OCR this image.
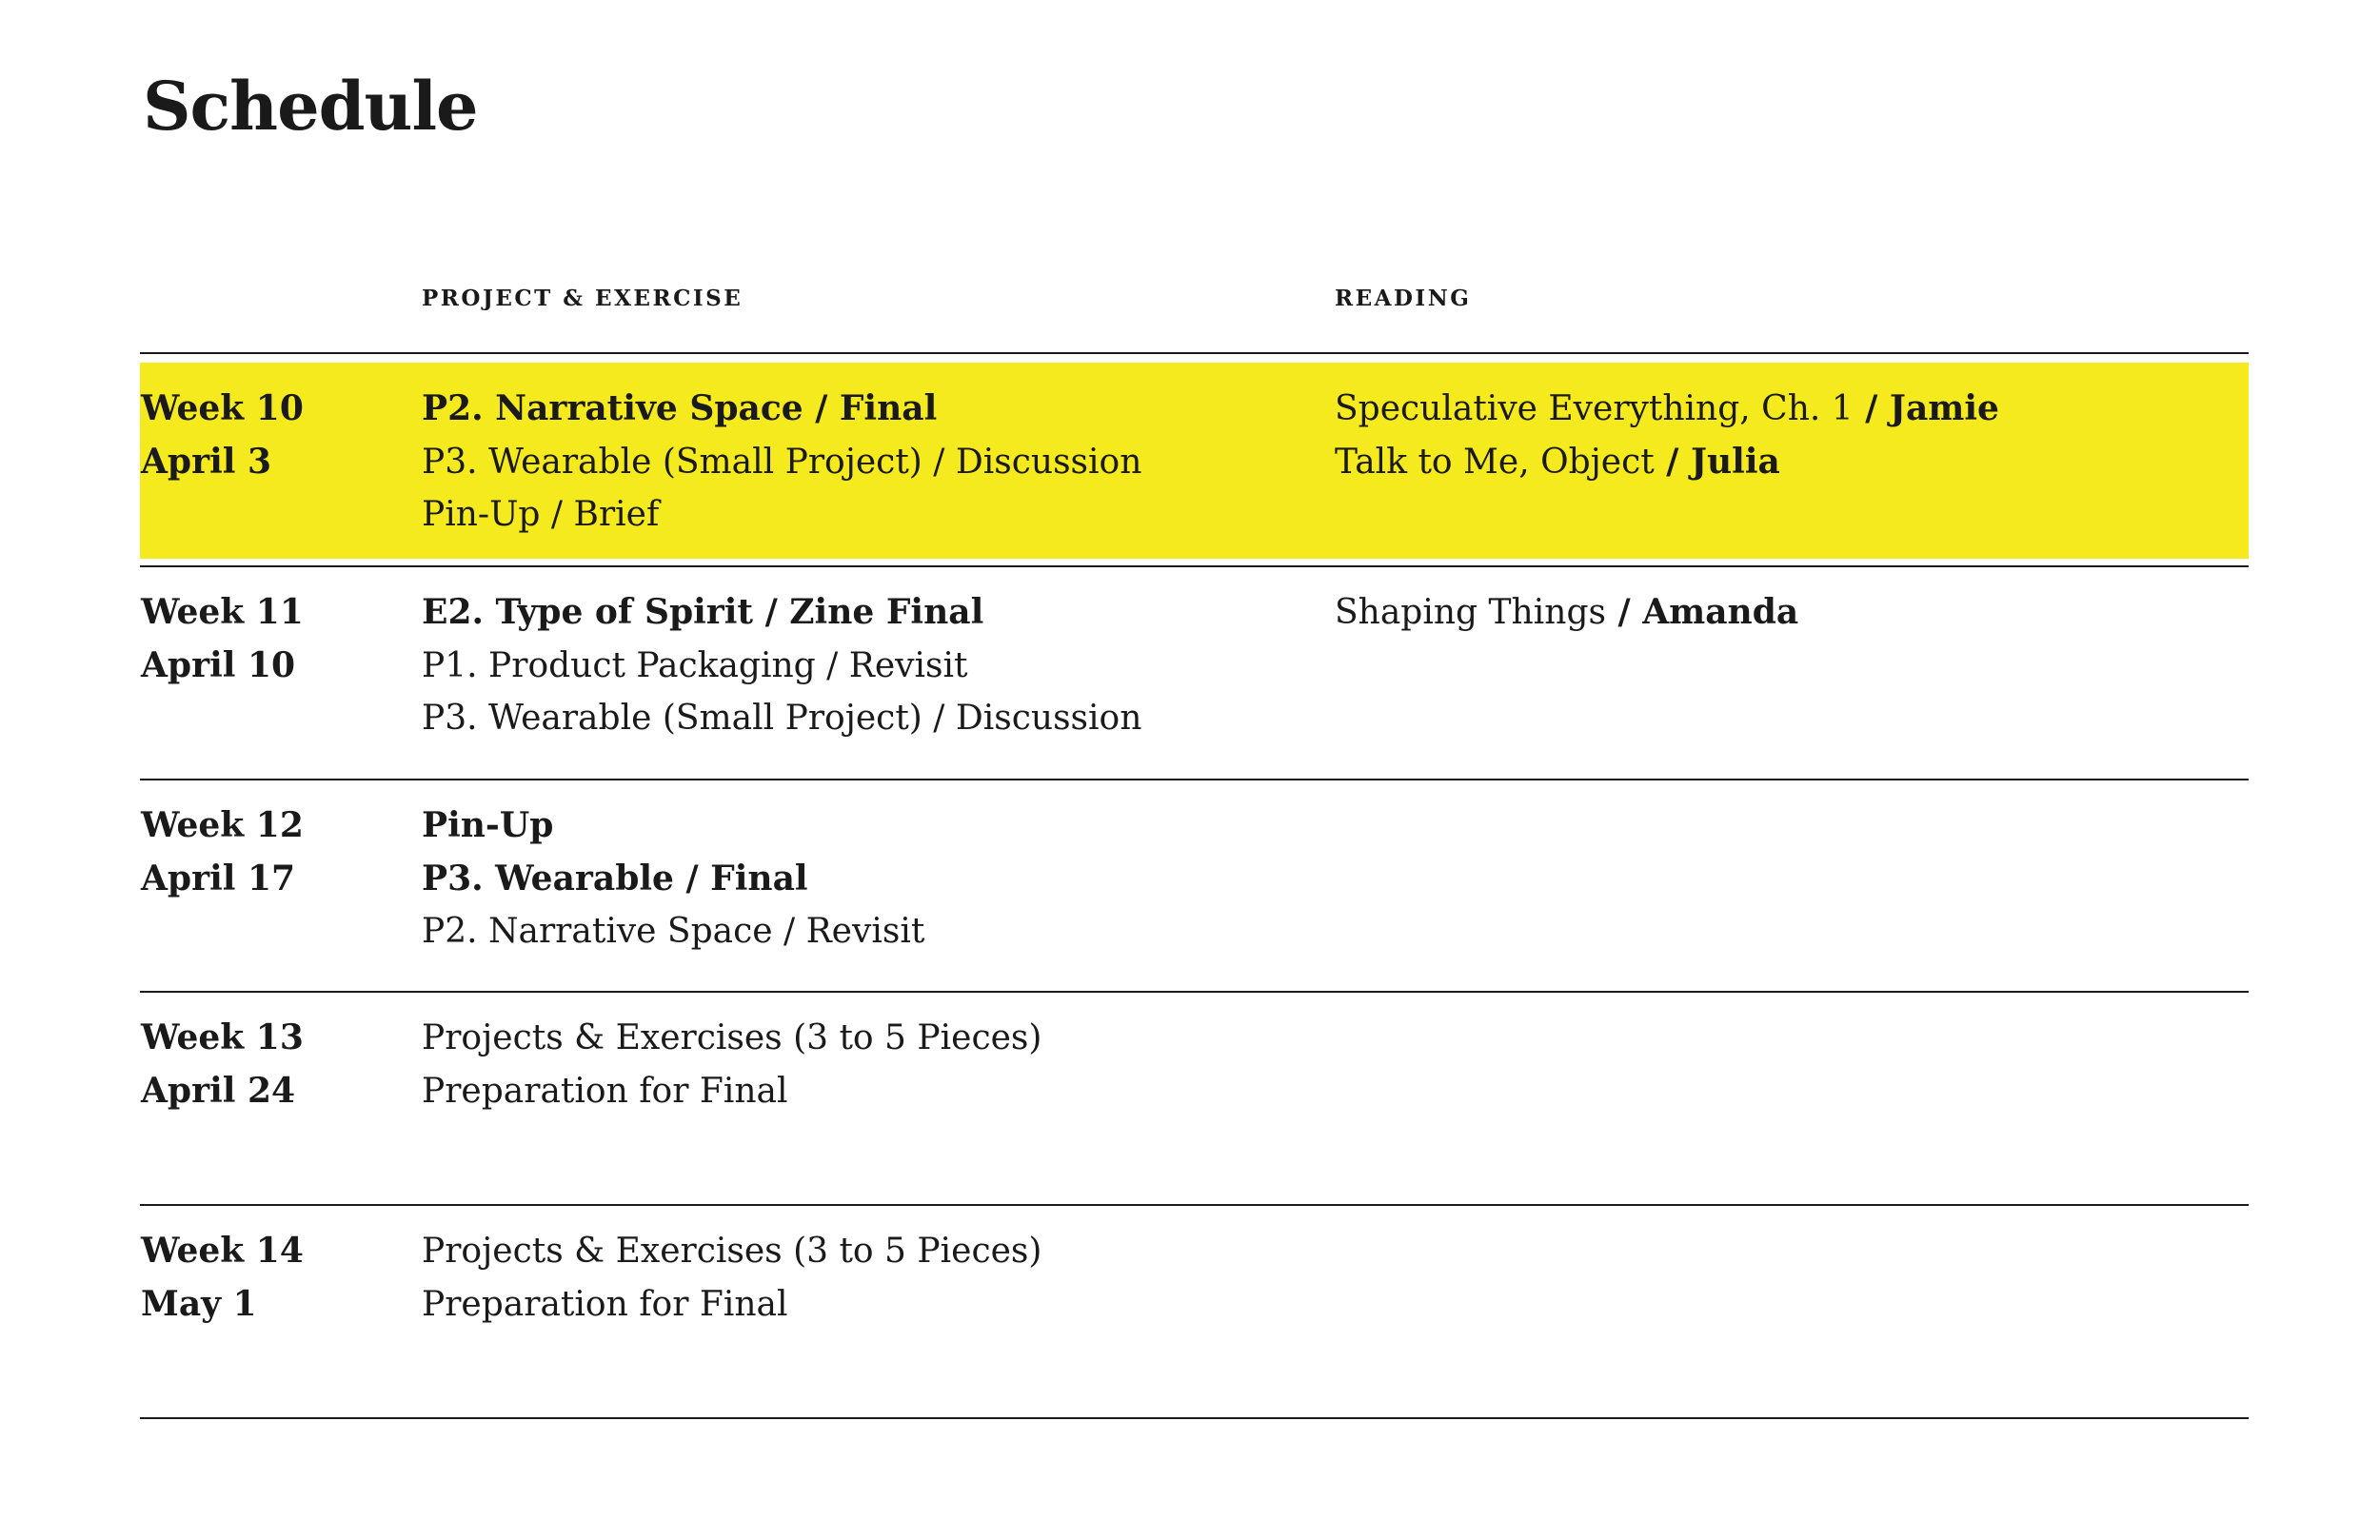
Schedule
PROJECT & EXERCISE	READING
Week 10
April 3
P2. Narrative Space / Final
P3. Wearable (Small Project) / Discussion
Pin-Up / Brief
Speculative Everything, Ch. 1 / Jamie
Talk to Me, Object / Julia
Week 11
April 10
E2. Type of Spirit / Zine Final
P1. Product Packaging / Revisit
P3. Wearable (Small Project) / Discussion
Shaping Things / Amanda
Week 12
April 17
Pin-Up
P3. Wearable / Final
P2. Narrative Space / Revisit
Week 13
April 24
Projects & Exercises (3 to 5 Pieces)
Preparation for Final
Week 14
May 1
Projects & Exercises (3 to 5 Pieces)
Preparation for Final
